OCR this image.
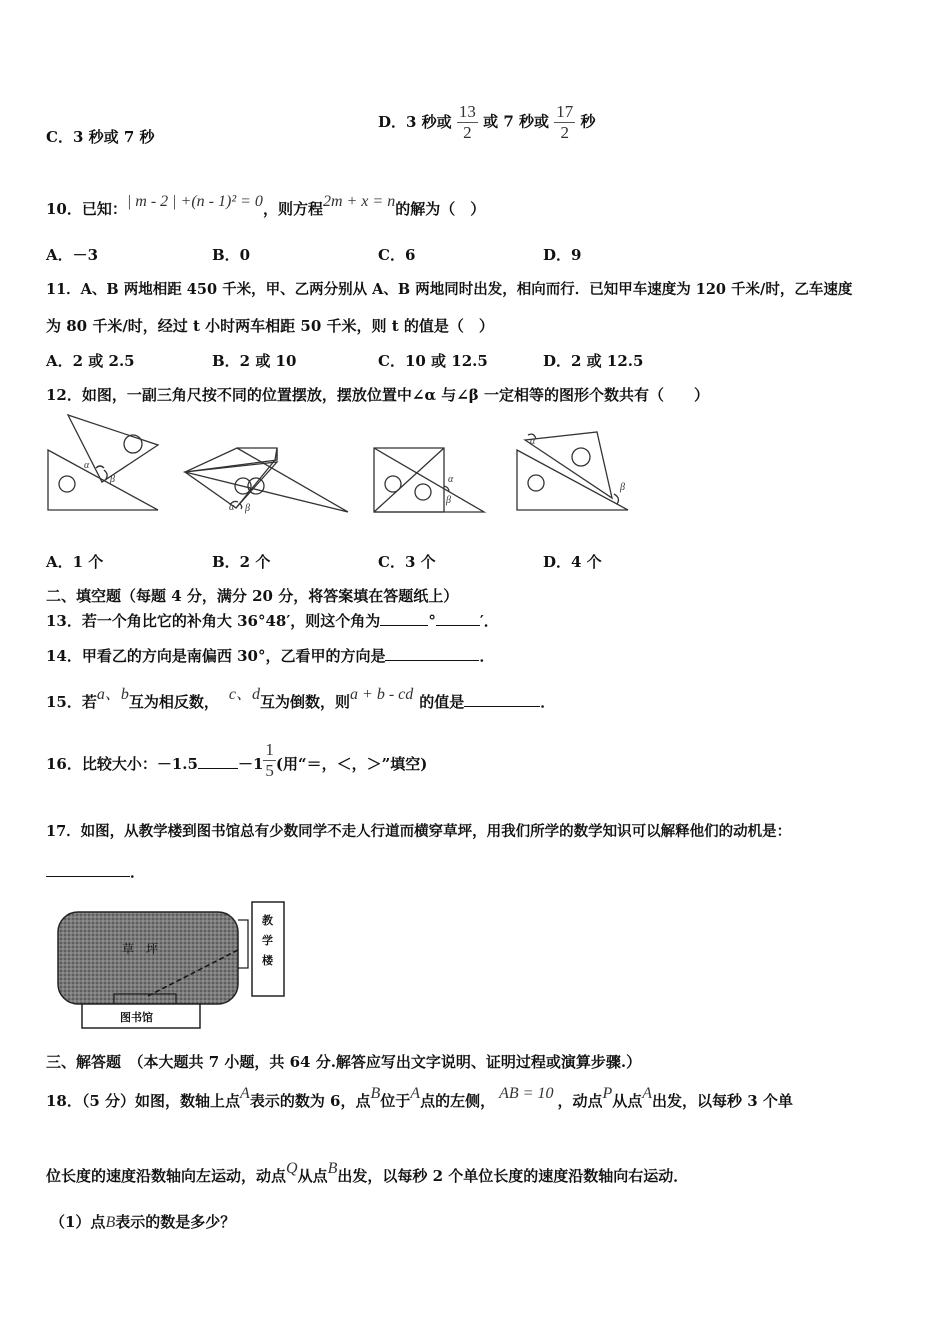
C．3 秒或 7 秒
D．3 秒或 $\frac{13}{2}$ 或 7 秒或 $\frac{17}{2}$ 秒
10．已知：| m - 2 | +(n - 1)² = 0，则方程2m + x = n的解为（　）
A．－3	B．0	C．6	D．9
11．A、B 两地相距 450 千米，甲、乙两分别从 A、B 两地同时出发，相向而行．已知甲车速度为 120 千米/时，乙车速度
为 80 千米/时，经过 t 小时两车相距 50 千米，则 t 的值是（　）
A．2 或 2.5	B．2 或 10	C．10 或 12.5	D．2 或 12.5
12．如图，一副三角尺按不同的位置摆放，摆放位置中∠α 与∠β 一定相等的图形个数共有（　　）
α
β
α β
α
β
α
β
A．1 个	B．2 个	C．3 个	D．4 个
二、填空题（每题 4 分，满分 20 分，将答案填在答题纸上）
13．若一个角比它的补角大 36°48′，则这个角为	°	′．
14．甲看乙的方向是南偏西 30°，乙看甲的方向是	．
15．若a、b互为相反数， c、d互为倒数，则a + b - cd 的值是	．
16．比较大小：－1.5	$-1 \frac{1}{5}$ (用“＝，＜，＞”填空)
17．如图，从教学楼到图书馆总有少数同学不走人行道而横穿草坪，用我们所学的数学知识可以解释他们的动机是：
．
草　坪
教
学
楼
图书馆
三、解答题　（本大题共 7 小题，共 64 分.解答应写出文字说明、证明过程或演算步骤.）
18．（5 分）如图，数轴上点A表示的数为 6，点B位于A点的左侧， AB = 10 ，动点P从点A出发，以每秒 3 个单
位长度的速度沿数轴向左运动，动点Q从点B出发，以每秒 2 个单位长度的速度沿数轴向右运动．
（1）点B表示的数是多少？
